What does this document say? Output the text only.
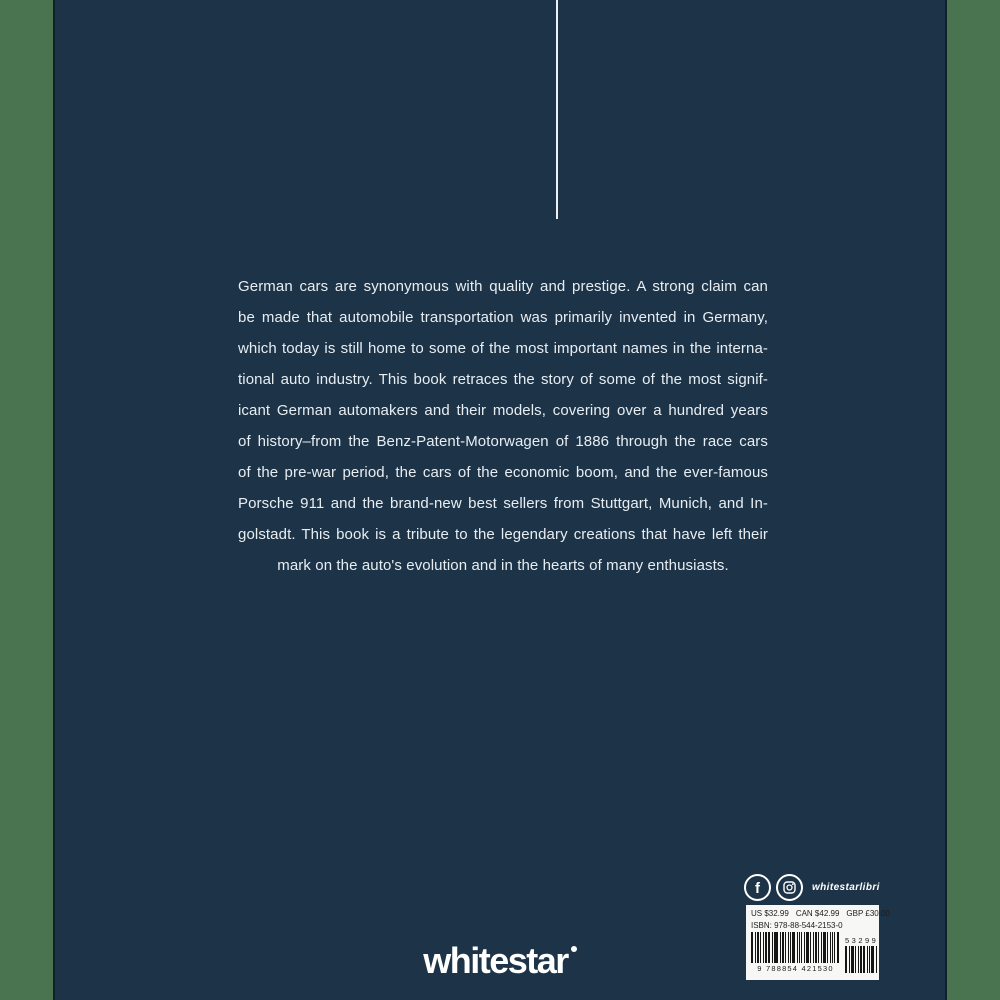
German cars are synonymous with quality and prestige. A strong claim can
be made that automobile transportation was primarily invented in Germany,
which today is still home to some of the most important names in the interna-
tional auto industry. This book retraces the story of some of the most signif-
icant German automakers and their models, covering over a hundred years
of history–from the Benz-Patent-Motorwagen of 1886 through the race cars
of the pre-war period, the cars of the economic boom, and the ever-famous
Porsche 911 and the brand-new best sellers from Stuttgart, Munich, and In-
golstadt. This book is a tribute to the legendary creations that have left their
mark on the auto's evolution and in the hearts of many enthusiasts.
f	whitestarlibri
US $32.99 CAN $42.99 GBP £30.00
ISBN: 978-88-544-2153-0
9 788854 421530
53299
whitestar
